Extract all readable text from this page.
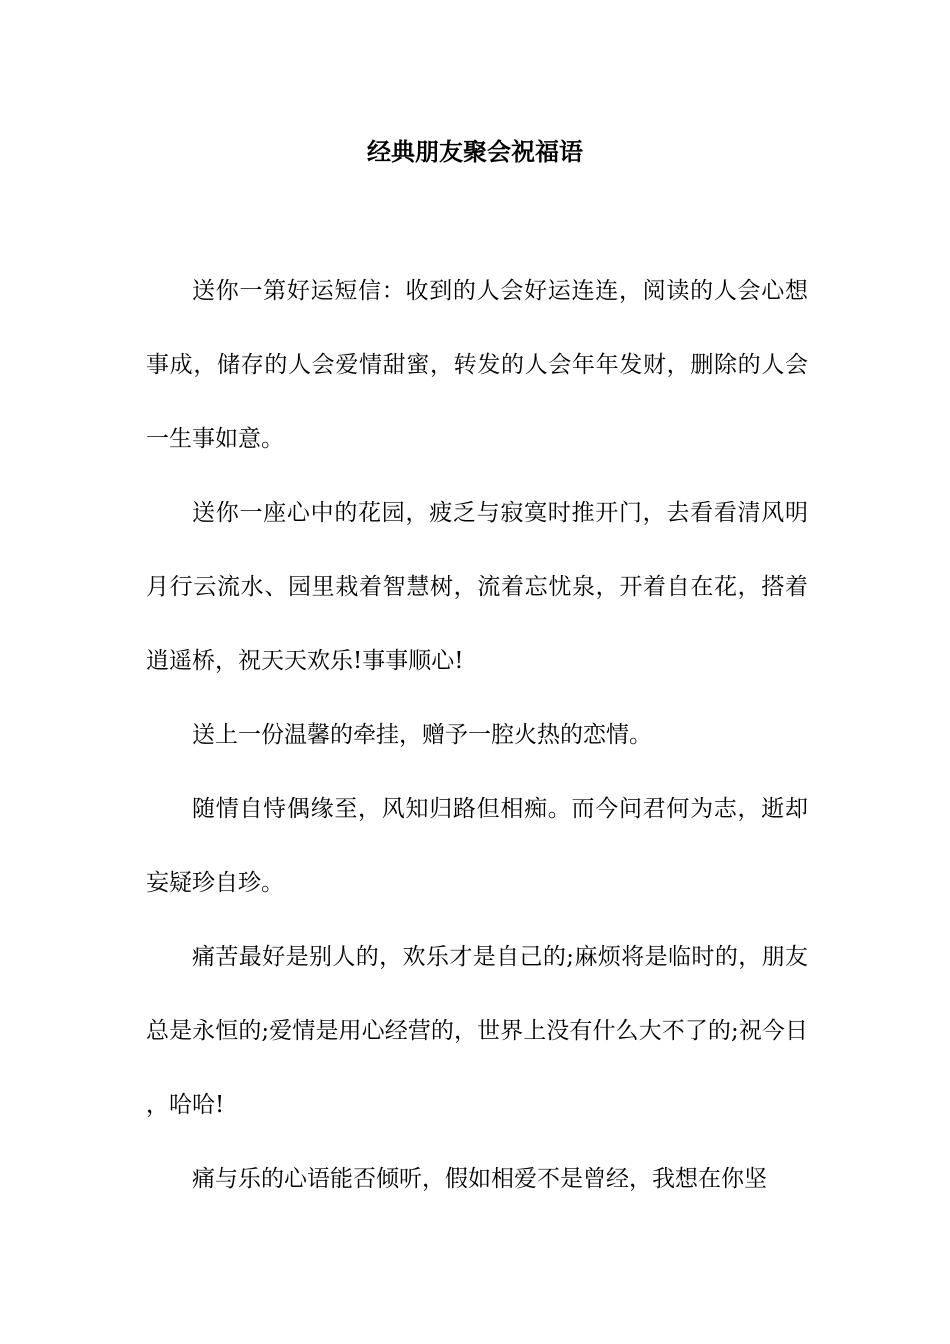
经典朋友聚会祝福语

送你一第好运短信：收到的人会好运连连，阅读的人会心想事成，储存的人会爱情甜蜜，转发的人会年年发财，删除的人会一生事如意。

送你一座心中的花园，疲乏与寂寞时推开门，去看看清风明月行云流水、园里栽着智慧树，流着忘忧泉，开着自在花，搭着逍遥桥，祝天天欢乐!事事顺心!

送上一份温馨的牵挂，赠予一腔火热的恋情。

随情自恃偶缘至，风知归路但相痴。而今问君何为志，逝却妄疑珍自珍。

痛苦最好是别人的，欢乐才是自己的;麻烦将是临时的，朋友总是永恒的;爱情是用心经营的，世界上没有什么大不了的;祝今日，哈哈!

痛与乐的心语能否倾听，假如相爱不是曾经，我想在你坚
